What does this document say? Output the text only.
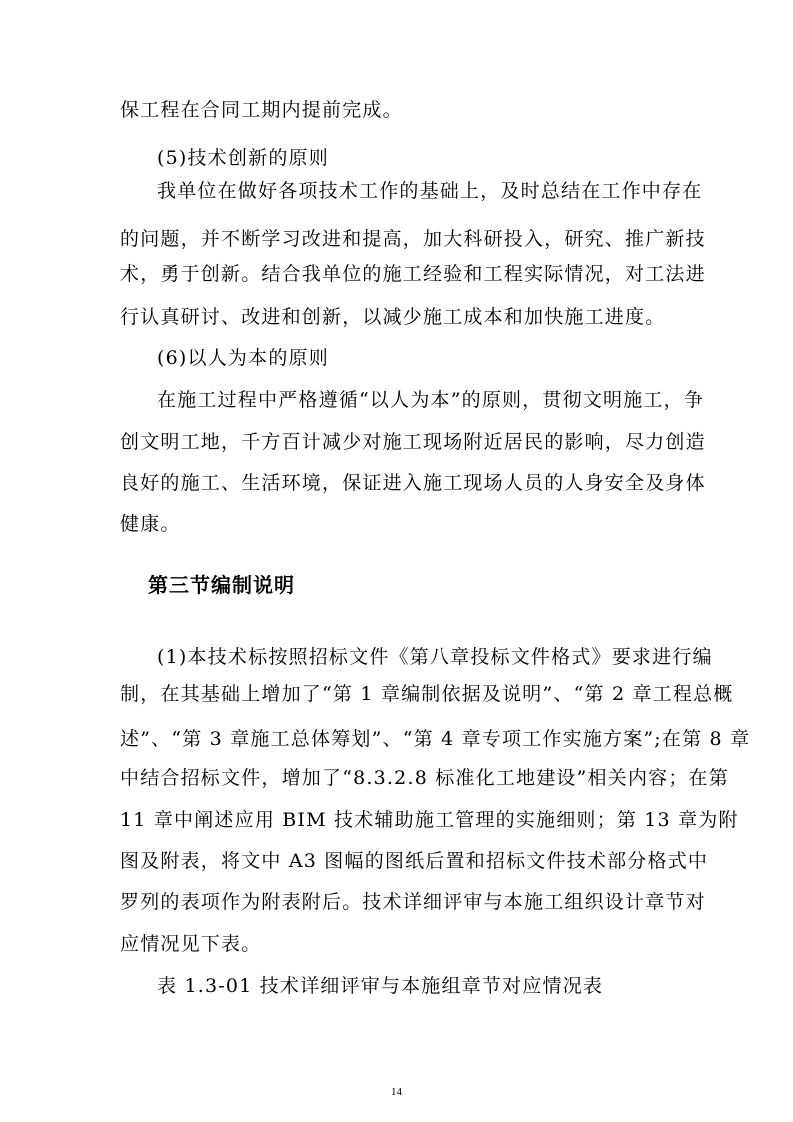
保工程在合同工期内提前完成。
(5)技术创新的原则
我单位在做好各项技术工作的基础上，及时总结在工作中存在
的问题，并不断学习改进和提高，加大科研投入，研究、推广新技
术，勇于创新。结合我单位的施工经验和工程实际情况，对工法进
行认真研讨、改进和创新，以减少施工成本和加快施工进度。
(6)以人为本的原则
在施工过程中严格遵循“以人为本”的原则，贯彻文明施工，争
创文明工地，千方百计减少对施工现场附近居民的影响，尽力创造
良好的施工、生活环境，保证进入施工现场人员的人身安全及身体
健康。
第三节编制说明
(1)本技术标按照招标文件《第八章投标文件格式》要求进行编
制，在其基础上增加了“第 1 章编制依据及说明”、“第 2 章工程总概
述”、“第 3 章施工总体筹划”、“第 4 章专项工作实施方案”;在第 8 章
中结合招标文件，增加了“8.3.2.8 标准化工地建设”相关内容；在第
11 章中阐述应用 BIM 技术辅助施工管理的实施细则；第 13 章为附
图及附表，将文中 A3 图幅的图纸后置和招标文件技术部分格式中
罗列的表项作为附表附后。技术详细评审与本施工组织设计章节对
应情况见下表。
表 1.3-01 技术详细评审与本施组章节对应情况表
14
